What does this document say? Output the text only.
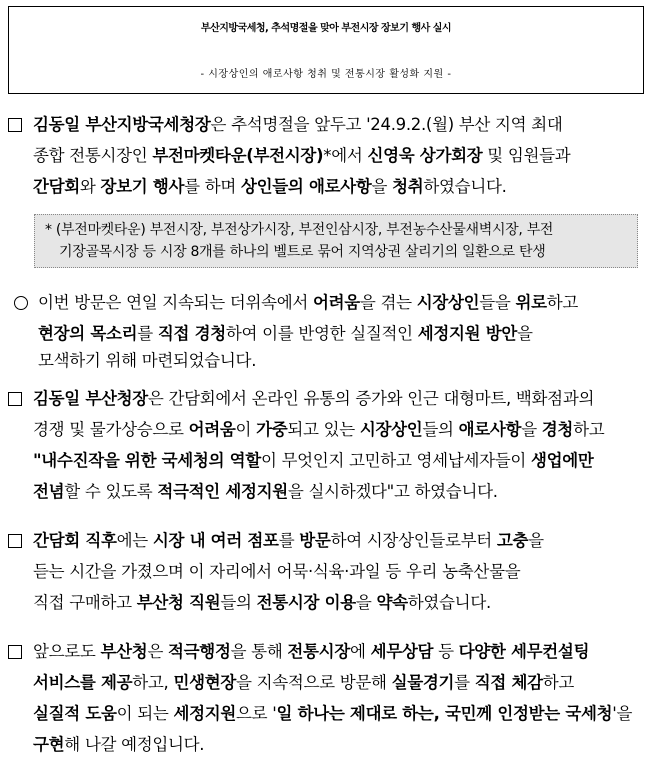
부산지방국세청, 추석명절을 맞아 부전시장 장보기 행사 실시
- 시장상인의 애로사항 청취 및 전통시장 활성화 지원 -
김동일 부산지방국세청장은 추석명절을 앞두고 '24.9.2.(월) 부산 지역 최대
종합 전통시장인 부전마켓타운(부전시장)*에서 신영욱 상가회장 및 임원들과
간담회와 장보기 행사를 하며 상인들의 애로사항을 청취하였습니다.
* (부전마켓타운) 부전시장, 부전상가시장, 부전인삼시장, 부전농수산물새벽시장, 부전
기장골목시장 등 시장 8개를 하나의 벨트로 묶어 지역상권 살리기의 일환으로 탄생
이번 방문은 연일 지속되는 더위속에서 어려움을 겪는 시장상인들을 위로하고
현장의 목소리를 직접 경청하여 이를 반영한 실질적인 세정지원 방안을
모색하기 위해 마련되었습니다.
김동일 부산청장은 간담회에서 온라인 유통의 증가와 인근 대형마트, 백화점과의
경쟁 및 물가상승으로 어려움이 가중되고 있는 시장상인들의 애로사항을 경청하고
"내수진작을 위한 국세청의 역할이 무엇인지 고민하고 영세납세자들이 생업에만
전념할 수 있도록 적극적인 세정지원을 실시하겠다"고 하였습니다.
간담회 직후에는 시장 내 여러 점포를 방문하여 시장상인들로부터 고충을
듣는 시간을 가졌으며 이 자리에서 어묵·식육·과일 등 우리 농축산물을
직접 구매하고 부산청 직원들의 전통시장 이용을 약속하였습니다.
앞으로도 부산청은 적극행정을 통해 전통시장에 세무상담 등 다양한 세무컨설팅
서비스를 제공하고, 민생현장을 지속적으로 방문해 실물경기를 직접 체감하고
실질적 도움이 되는 세정지원으로 '일 하나는 제대로 하는, 국민께 인정받는 국세청'을
구현해 나갈 예정입니다.
